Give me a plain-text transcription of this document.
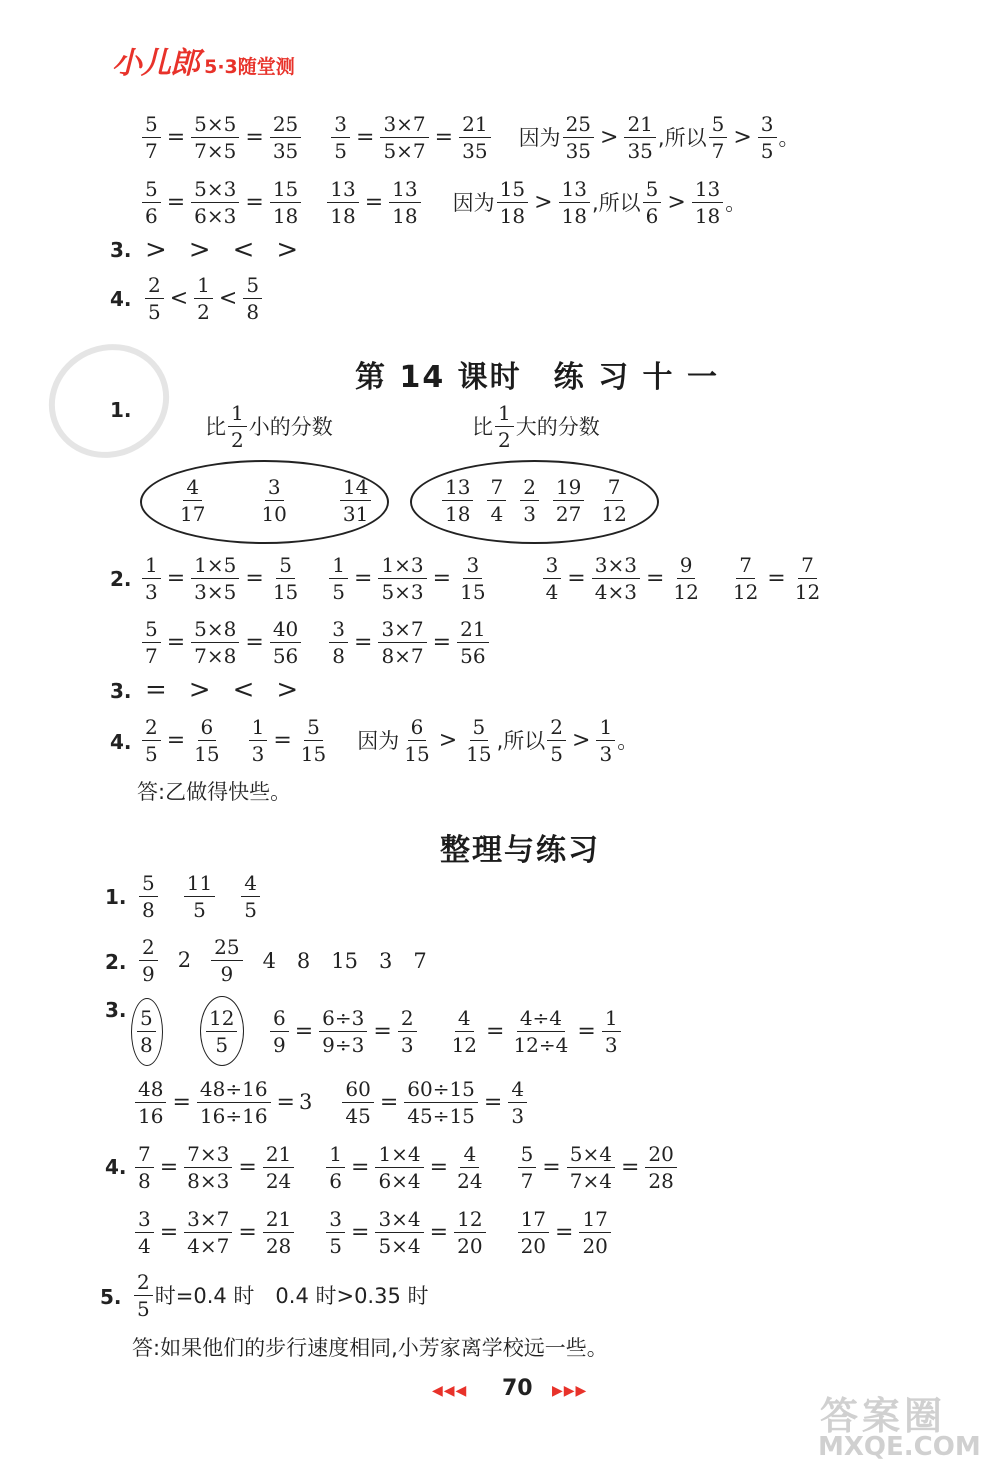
小儿郎 5·3随堂测
$\frac{5}{7} = \frac{5\times 5}{7\times 5} = \frac{25}{35} \frac{3}{5} = \frac{3\times 7}{5\times 7} = \frac{21}{35}$ 因为 $\frac{25}{35} > \frac{21}{35}$ ,所以 $\frac{5}{7} > \frac{3}{5}$ 。
$\frac{5}{6} = \frac{5\times 3}{6\times 3} = \frac{15}{18} \frac{13}{18} = \frac{13}{18}$ 因为 $\frac{15}{18} > \frac{13}{18}$ ,所以 $\frac{5}{6} > \frac{13}{18}$ 。
3. > > < >
4. $\frac{2}{5} < \frac{1}{2} < \frac{5}{8}$
第 14 课时　练 习 十 一
1.
比 $\frac{1}{2}$ 小的分数	比 $\frac{1}{2}$ 大的分数
$\frac{4}{17}$	$\frac{3}{10}$	$\frac{14}{31}$	$\frac{13}{18} \frac{7}{4} \frac{2}{3} \frac{19}{27} \frac{7}{12}$
2. $\frac{1}{3} = \frac{1\times 5}{3\times 5} = \frac{5}{15} \frac{1}{5} = \frac{1\times 3}{5\times 3} = \frac{3}{15}$	$\frac{3}{4} = \frac{3\times 3}{4\times 3} = \frac{9}{12} \frac{7}{12} = \frac{7}{12}$
$\frac{5}{7} = \frac{5\times 8}{7\times 8} = \frac{40}{56} \frac{3}{8} = \frac{3\times 7}{8\times 7} = \frac{21}{56}$
3. = > < >
4. $\frac{2}{5} = \frac{6}{15} \frac{1}{3} = \frac{5}{15}$ 因为 $\frac{6}{15} > \frac{5}{15}$ ,所以 $\frac{2}{5} > \frac{1}{3}$ 。
答:乙做得快些。
整理与练习
1. $\frac{5}{8} \frac{11}{5} \frac{4}{5}$
2. $\frac{2}{9} 2 \frac{25}{9} 4$　8　15　3　7
3. $\frac{5}{8}$	$\frac{12}{5} \frac{6}{9} = \frac{6\div 3}{9\div 3} = \frac{2}{3} \frac{4}{12} = \frac{4\div 4}{12\div 4} = \frac{1}{3}$
$\frac{48}{16} = \frac{48\div 16}{16\div 16} = 3 \frac{60}{45} = \frac{60\div 15}{45\div 15} = \frac{4}{3}$
4. $\frac{7}{8} = \frac{7\times 3}{8\times 3} = \frac{21}{24} \frac{1}{6} = \frac{1\times 4}{6\times 4} = \frac{4}{24} \frac{5}{7} = \frac{5\times 4}{7\times 4} = \frac{20}{28}$
$\frac{3}{4} = \frac{3\times 7}{4\times 7} = \frac{21}{28} \frac{3}{5} = \frac{3\times 4}{5\times 4} = \frac{12}{20} \frac{17}{20} = \frac{17}{20}$
5. $\frac{2}{5}$ 时=0.4 时　0.4 时>0.35 时
答:如果他们的步行速度相同,小芳家离学校远一些。
◀◀◀ 70 ▶▶▶
答案圈
MXQE.COM
